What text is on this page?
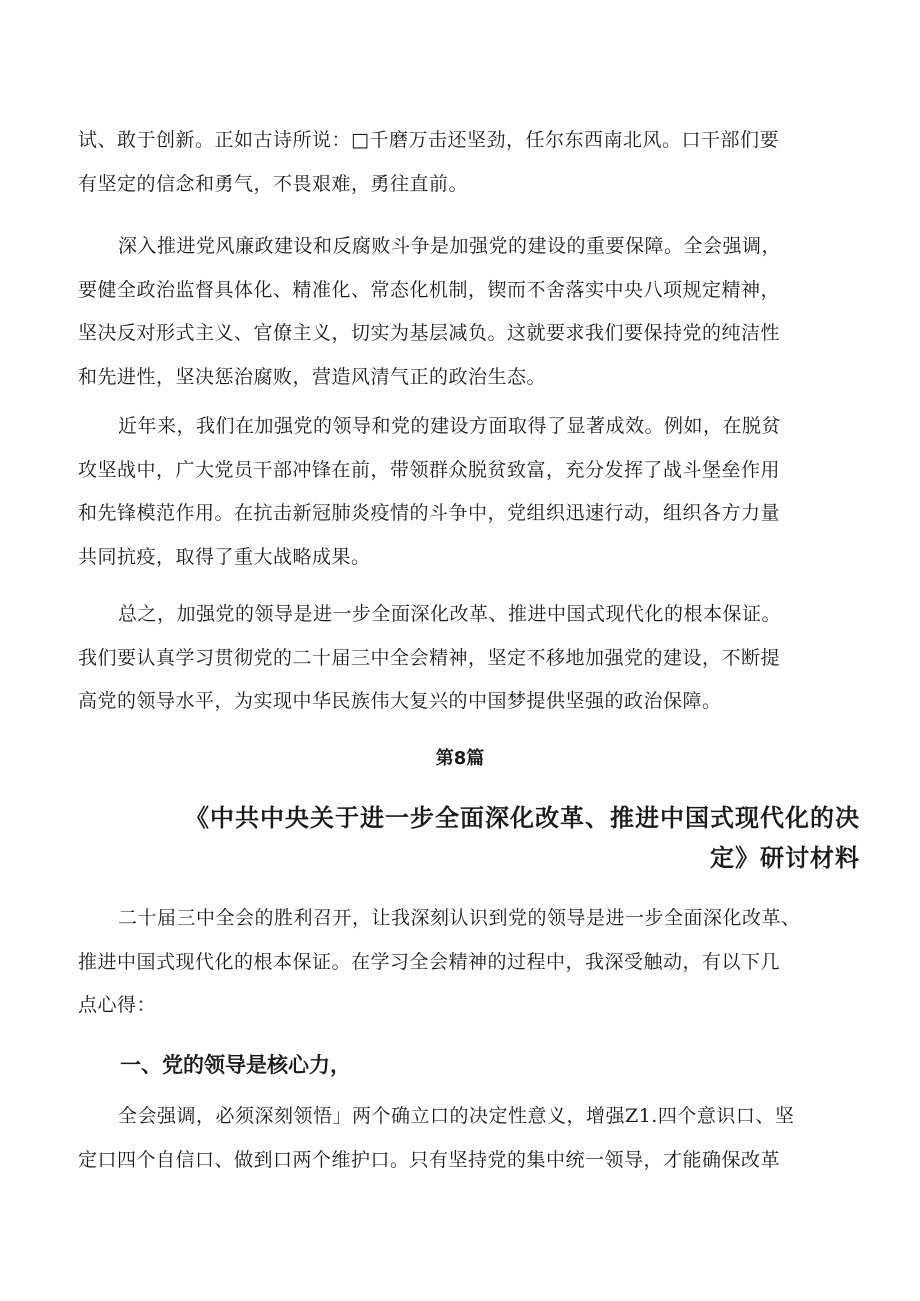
试、敢于创新。正如古诗所说：□千磨万击还坚劲，任尔东西南北风。口干部们要
有坚定的信念和勇气，不畏艰难，勇往直前。

深入推进党风廉政建设和反腐败斗争是加强党的建设的重要保障。全会强调，
要健全政治监督具体化、精准化、常态化机制，锲而不舍落实中央八项规定精神，
坚决反对形式主义、官僚主义，切实为基层减负。这就要求我们要保持党的纯洁性
和先进性，坚决惩治腐败，营造风清气正的政治生态。

近年来，我们在加强党的领导和党的建设方面取得了显著成效。例如，在脱贫
攻坚战中，广大党员干部冲锋在前，带领群众脱贫致富，充分发挥了战斗堡垒作用
和先锋模范作用。在抗击新冠肺炎疫情的斗争中，党组织迅速行动，组织各方力量
共同抗疫，取得了重大战略成果。

总之，加强党的领导是进一步全面深化改革、推进中国式现代化的根本保证。
我们要认真学习贯彻党的二十届三中全会精神，坚定不移地加强党的建设，不断提
高党的领导水平，为实现中华民族伟大复兴的中国梦提供坚强的政治保障。

第8篇
《中共中央关于进一步全面深化改革、推进中国式现代化的决
定》研讨材料

二十届三中全会的胜利召开，让我深刻认识到党的领导是进一步全面深化改革、
推进中国式现代化的根本保证。在学习全会精神的过程中，我深受触动，有以下几
点心得：

一、党的领导是核心力，

全会强调，必须深刻领悟」两个确立口的决定性意义，增强Z1.四个意识口、坚
定口四个自信口、做到口两个维护口。只有坚持党的集中统一领导，才能确保改革
